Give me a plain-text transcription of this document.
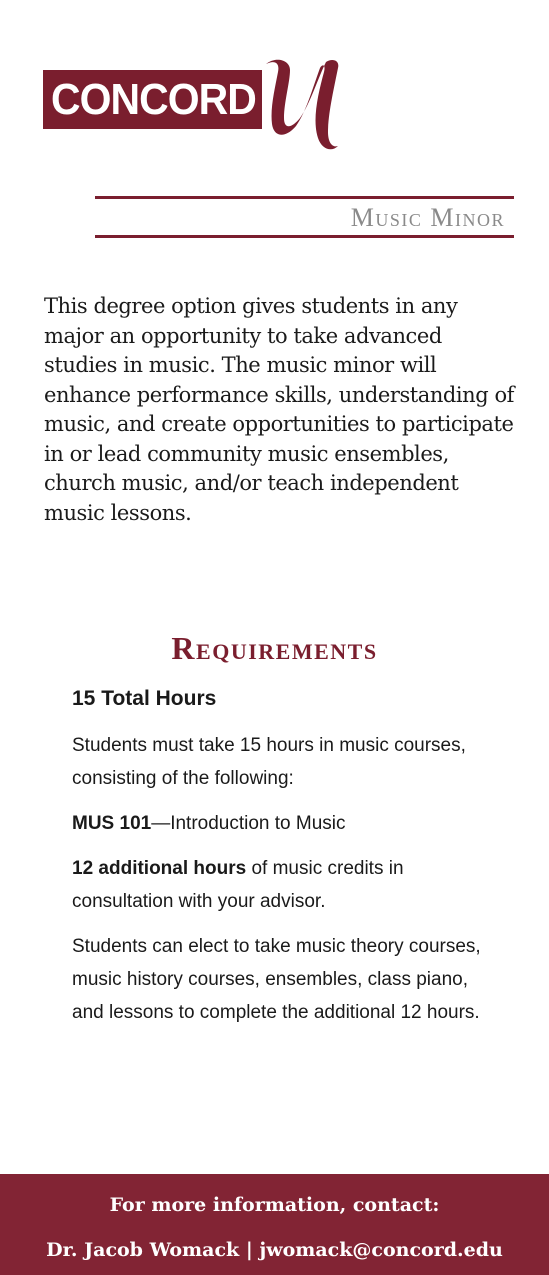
CONCORD
Music Minor

This degree option gives students in any major an opportunity to take advanced studies in music. The music minor will enhance performance skills, understanding of music, and create opportunities to participate in or lead community music ensembles, church music, and/or teach independent music lessons.

Requirements

15 Total Hours

Students must take 15 hours in music courses, consisting of the following:

MUS 101—Introduction to Music

12 additional hours of music credits in consultation with your advisor.

Students can elect to take music theory courses, music history courses, ensembles, class piano, and lessons to complete the additional 12 hours.

For more information, contact:
Dr. Jacob Womack | jwomack@concord.edu
